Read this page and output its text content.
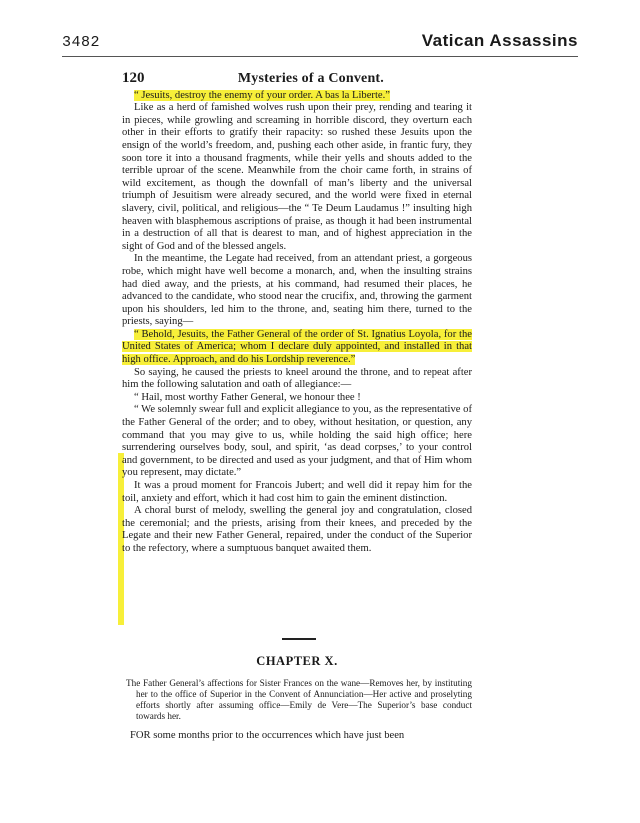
3482	Vatican Assassins
120	Mysteries of a Convent.

“ Jesuits, destroy the enemy of your order. A bas la Liberte.”

Like as a herd of famished wolves rush upon their prey, rending and tearing it in pieces, while growling and screaming in horrible discord, they overturn each other in their efforts to gratify their rapacity: so rushed these Jesuits upon the ensign of the world’s freedom, and, pushing each other aside, in frantic fury, they soon tore it into a thousand fragments, while their yells and shouts added to the terrible uproar of the scene. Meanwhile from the choir came forth, in strains of wild excitement, as though the downfall of man’s liberty and the universal triumph of Jesuitism were already secured, and the world were fixed in eternal slavery, civil, political, and religious—the “ Te Deum Laudamus !” insulting high heaven with blasphemous ascriptions of praise, as though it had been instrumental in a destruction of all that is dearest to man, and of highest appreciation in the sight of God and of the blessed angels.

In the meantime, the Legate had received, from an attendant priest, a gorgeous robe, which might have well become a monarch, and, when the insulting strains had died away, and the priests, at his command, had resumed their places, he advanced to the candidate, who stood near the crucifix, and, throwing the garment upon his shoulders, led him to the throne, and, seating him there, turned to the priests, saying—

“ Behold, Jesuits, the Father General of the order of St. Ignatius Loyola, for the United States of America; whom I declare duly appointed, and installed in that high office. Approach, and do his Lordship reverence.”

So saying, he caused the priests to kneel around the throne, and to repeat after him the following salutation and oath of allegiance:—

“ Hail, most worthy Father General, we honour thee !

“ We solemnly swear full and explicit allegiance to you, as the representative of the Father General of the order; and to obey, without hesitation, or question, any command that you may give to us, while holding the said high office; here surrendering ourselves body, soul, and spirit, ‘as dead corpses,’ to your control and government, to be directed and used as your judgment, and that of Him whom you represent, may dictate.”

It was a proud moment for Francois Jubert; and well did it repay him for the toil, anxiety and effort, which it had cost him to gain the eminent distinction.

A choral burst of melody, swelling the general joy and congratulation, closed the ceremonial; and the priests, arising from their knees, and preceded by the Legate and their new Father General, repaired, under the conduct of the Superior to the refectory, where a sumptuous banquet awaited them.

CHAPTER X.
The Father General’s affections for Sister Frances on the wane—Removes her, by instituting her to the office of Superior in the Convent of Annunciation—Her active and proselyting efforts shortly after assuming office—Emily de Vere—The Superior’s base conduct towards her.
FOR some months prior to the occurrences which have just been
